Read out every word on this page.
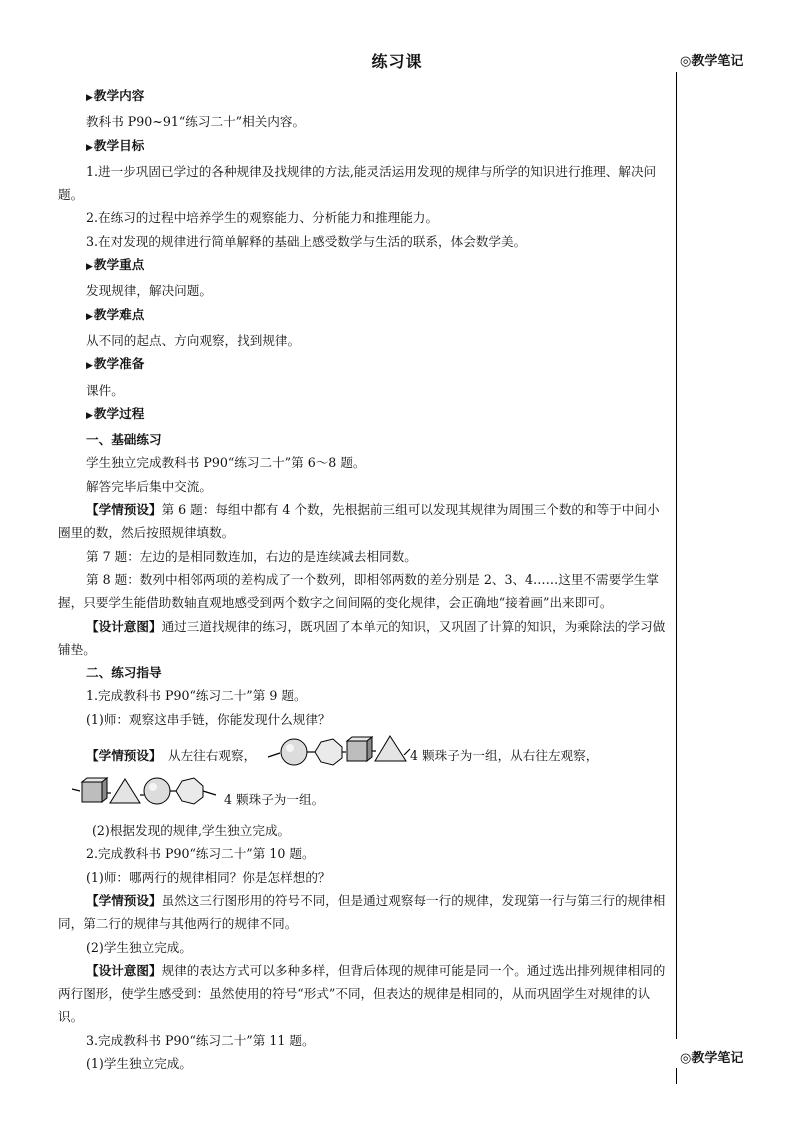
练习课	◎教学笔记
◎教学笔记

▶教学内容

教科书 P90~91“练习二十”相关内容。

▶教学目标

1.进一步巩固已学过的各种规律及找规律的方法,能灵活运用发现的规律与所学的知识进行推理、解决问题。

2.在练习的过程中培养学生的观察能力、分析能力和推理能力。

3.在对发现的规律进行简单解释的基础上感受数学与生活的联系，体会数学美。

▶教学重点

发现规律，解决问题。

▶教学难点

从不同的起点、方向观察，找到规律。

▶教学准备

课件。

▶教学过程

一、基础练习

学生独立完成教科书 P90“练习二十”第 6～8 题。

解答完毕后集中交流。

【学情预设】第 6 题：每组中都有 4 个数，先根据前三组可以发现其规律为周围三个数的和等于中间小圈里的数，然后按照规律填数。

第 7 题：左边的是相同数连加，右边的是连续减去相同数。

第 8 题：数列中相邻两项的差构成了一个数列，即相邻两数的差分别是 2、3、4……这里不需要学生掌握，只要学生能借助数轴直观地感受到两个数字之间间隔的变化规律，会正确地“接着画”出来即可。

【设计意图】通过三道找规律的练习，既巩固了本单元的知识，又巩固了计算的知识，为乘除法的学习做铺垫。

二、练习指导

1.完成教科书 P90“练习二十”第 9 题。

(1)师：观察这串手链，你能发现什么规律？

【学情预设】 从左往右观察，	4 颗珠子为一组，从右往左观察，
4 颗珠子为一组。

(2)根据发现的规律,学生独立完成。

2.完成教科书 P90“练习二十”第 10 题。

(1)师：哪两行的规律相同？你是怎样想的？

【学情预设】虽然这三行图形用的符号不同，但是通过观察每一行的规律，发现第一行与第三行的规律相同，第二行的规律与其他两行的规律不同。

(2)学生独立完成。

【设计意图】规律的表达方式可以多种多样，但背后体现的规律可能是同一个。通过选出排列规律相同的两行图形，使学生感受到：虽然使用的符号“形式”不同，但表达的规律是相同的，从而巩固学生对规律的认识。

3.完成教科书 P90“练习二十”第 11 题。

(1)学生独立完成。
